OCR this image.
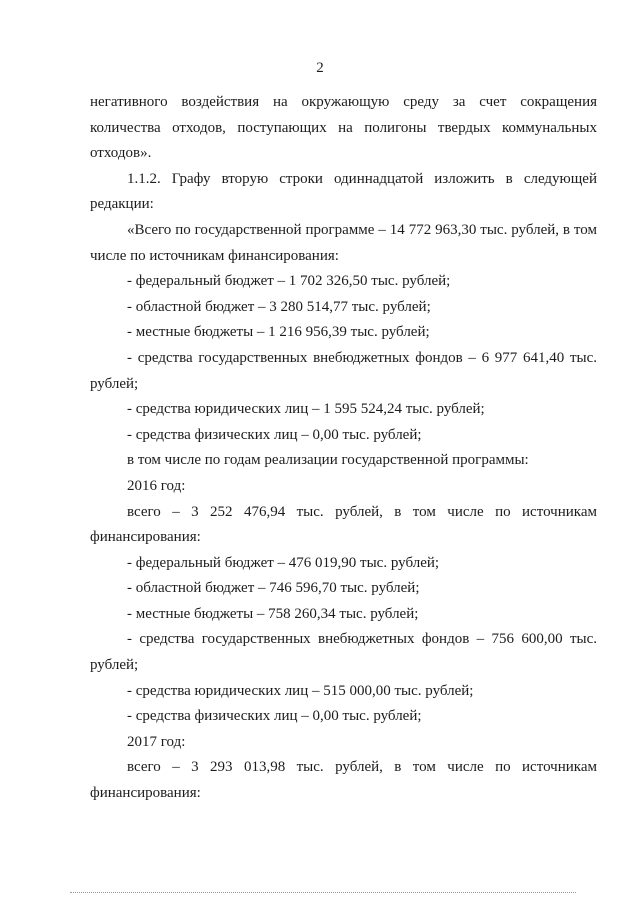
2

негативного воздействия на окружающую среду за счет сокращения количества отходов, поступающих на полигоны твердых коммунальных отходов».

1.1.2. Графу вторую строки одиннадцатой изложить в следующей редакции:

«Всего по государственной программе – 14 772 963,30 тыс. рублей, в том числе по источникам финансирования:

- федеральный бюджет – 1 702 326,50 тыс. рублей;

- областной бюджет – 3 280 514,77 тыс. рублей;

- местные бюджеты – 1 216 956,39 тыс. рублей;

- средства государственных внебюджетных фондов – 6 977 641,40 тыс. рублей;

- средства юридических лиц – 1 595 524,24 тыс. рублей;

- средства физических лиц – 0,00 тыс. рублей;

в том числе по годам реализации государственной программы:

2016 год:

всего – 3 252 476,94 тыс. рублей, в том числе по источникам финансирования:

- федеральный бюджет – 476 019,90 тыс. рублей;

- областной бюджет – 746 596,70 тыс. рублей;

- местные бюджеты – 758 260,34 тыс. рублей;

- средства государственных внебюджетных фондов – 756 600,00 тыс. рублей;

- средства юридических лиц – 515 000,00 тыс. рублей;

- средства физических лиц – 0,00 тыс. рублей;

2017 год:

всего – 3 293 013,98 тыс. рублей, в том числе по источникам финансирования:
